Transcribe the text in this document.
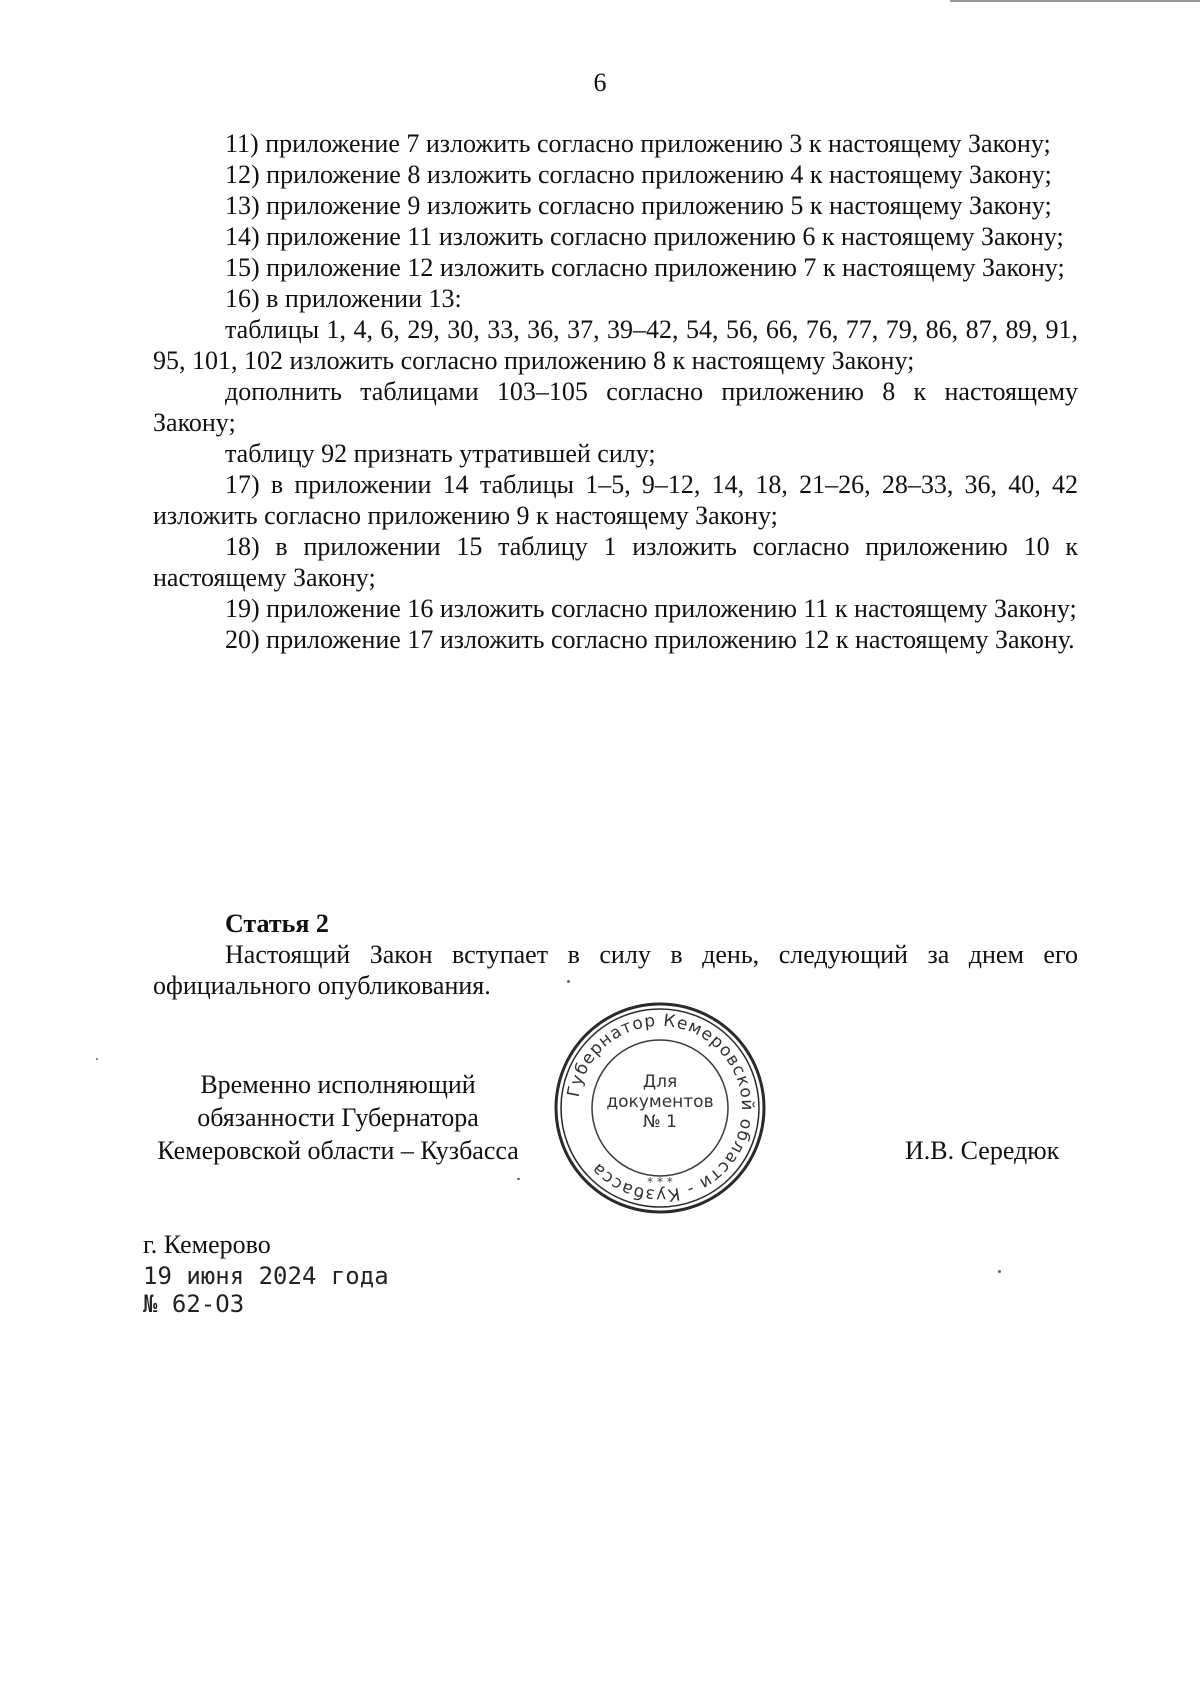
6

11) приложение 7 изложить согласно приложению 3 к настоящему Закону;

12) приложение 8 изложить согласно приложению 4 к настоящему Закону;

13) приложение 9 изложить согласно приложению 5 к настоящему Закону;

14) приложение 11 изложить согласно приложению 6 к настоящему Закону;

15) приложение 12 изложить согласно приложению 7 к настоящему Закону;

16) в приложении 13:

таблицы 1, 4, 6, 29, 30, 33, 36, 37, 39–42, 54, 56, 66, 76, 77, 79, 86, 87, 89, 91, 95, 101, 102 изложить согласно приложению 8 к настоящему Закону;

дополнить таблицами 103–105 согласно приложению 8 к настоящему Закону;

таблицу 92 признать утратившей силу;

17) в приложении 14 таблицы 1–5, 9–12, 14, 18, 21–26, 28–33, 36, 40, 42 изложить согласно приложению 9 к настоящему Закону;

18) в приложении 15 таблицу 1 изложить согласно приложению 10 к настоящему Закону;

19) приложение 16 изложить согласно приложению 11 к настоящему Закону;

20) приложение 17 изложить согласно приложению 12 к настоящему Закону.

Статья 2

Настоящий Закон вступает в силу в день, следующий за днем его официального опубликования.

Временно исполняющий
обязанности Губернатора
Кемеровской области – Кузбасса
Губернатор Кемеровской области - Кузбасса
* * *
Для
документов
№ 1
И.В. Середюк
г. Кемерово
19 июня 2024 года
№ 62-ОЗ
